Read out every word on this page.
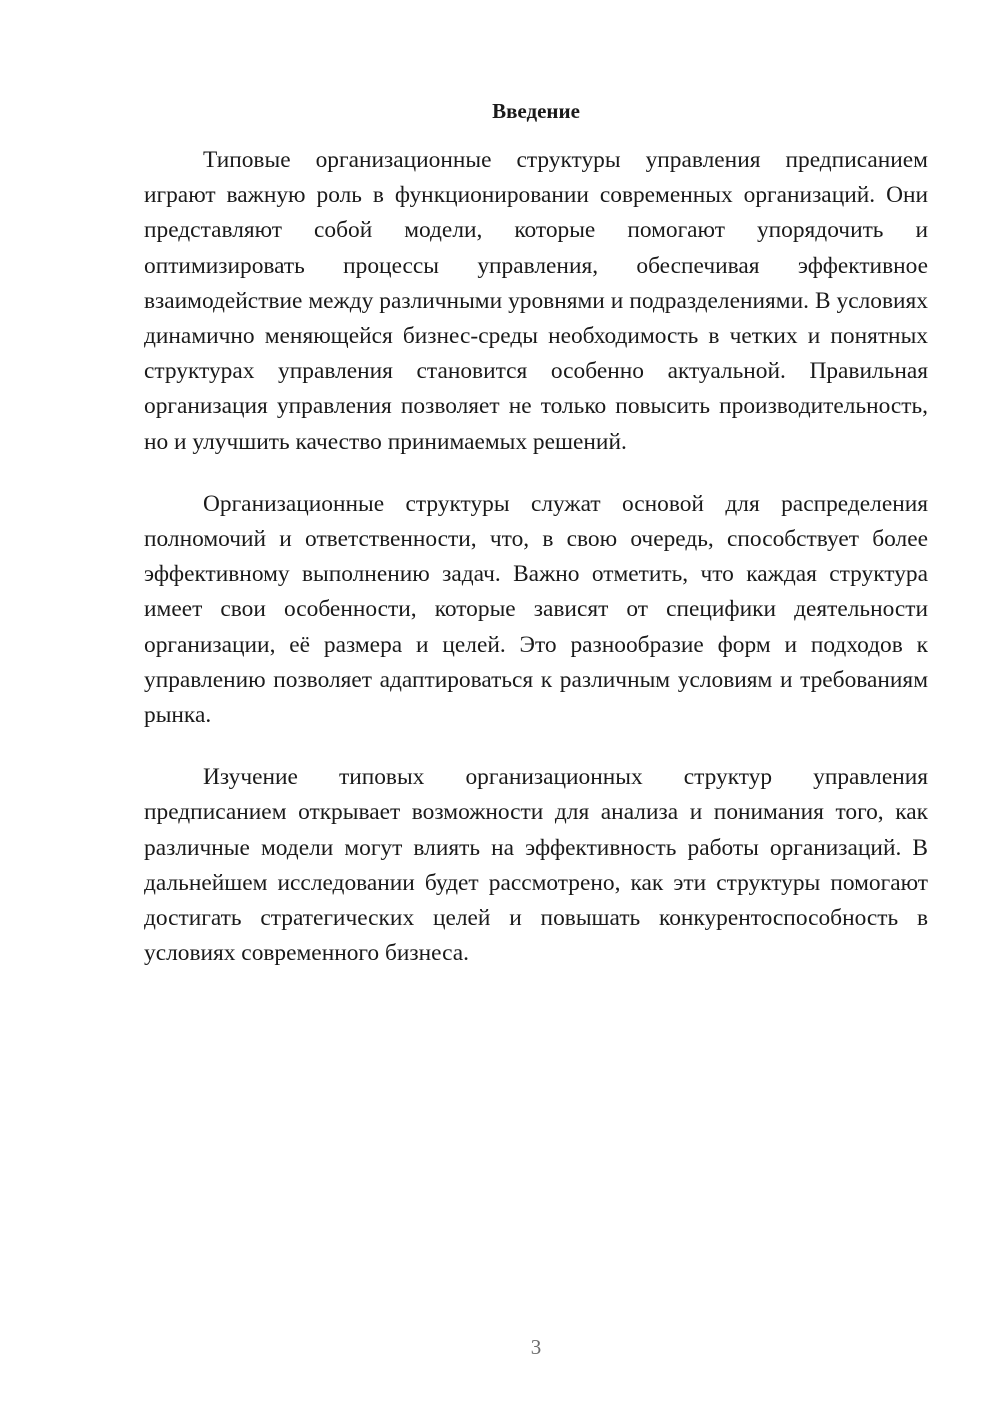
Введение

Типовые организационные структуры управления предписанием играют важную роль в функционировании современных организаций. Они представляют собой модели, которые помогают упорядочить и оптимизировать процессы управления, обеспечивая эффективное взаимодействие между различными уровнями и подразделениями. В условиях динамично меняющейся бизнес-среды необходимость в четких и понятных структурах управления становится особенно актуальной. Правильная организация управления позволяет не только повысить производительность, но и улучшить качество принимаемых решений.

Организационные структуры служат основой для распределения полномочий и ответственности, что, в свою очередь, способствует более эффективному выполнению задач. Важно отметить, что каждая структура имеет свои особенности, которые зависят от специфики деятельности организации, её размера и целей. Это разнообразие форм и подходов к управлению позволяет адаптироваться к различным условиям и требованиям рынка.

Изучение типовых организационных структур управления предписанием открывает возможности для анализа и понимания того, как различные модели могут влиять на эффективность работы организаций. В дальнейшем исследовании будет рассмотрено, как эти структуры помогают достигать стратегических целей и повышать конкурентоспособность в условиях современного бизнеса.

3
